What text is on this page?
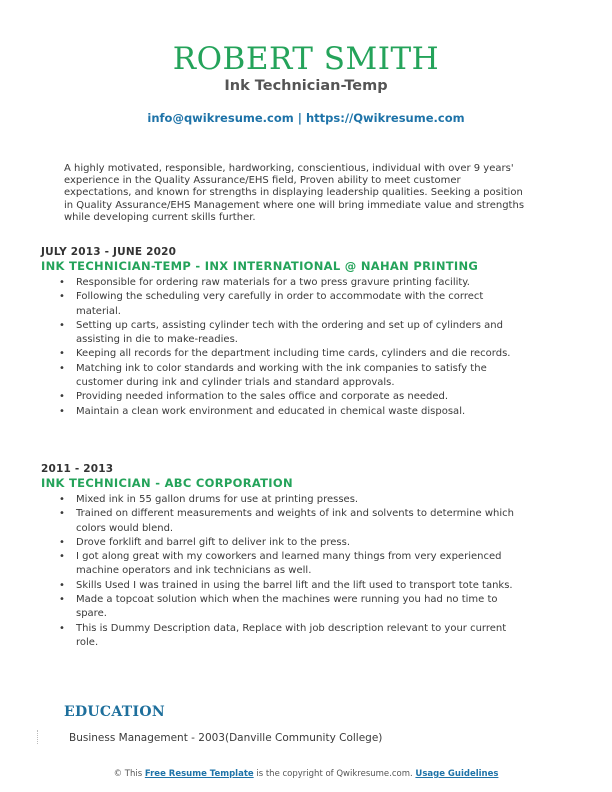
ROBERT SMITH
Ink Technician-Temp
info@qwikresume.com | https://Qwikresume.com

A highly motivated, responsible, hardworking, conscientious, individual with over 9 years' experience in the Quality Assurance/EHS field, Proven ability to meet customer expectations, and known for strengths in displaying leadership qualities. Seeking a position in Quality Assurance/EHS Management where one will bring immediate value and strengths while developing current skills further.

JULY 2013 - JUNE 2020
INK TECHNICIAN-TEMP - INX INTERNATIONAL @ NAHAN PRINTING
• Responsible for ordering raw materials for a two press gravure printing facility.
• Following the scheduling very carefully in order to accommodate with the correct material.
• Setting up carts, assisting cylinder tech with the ordering and set up of cylinders and assisting in die to make-readies.
• Keeping all records for the department including time cards, cylinders and die records.
• Matching ink to color standards and working with the ink companies to satisfy the customer during ink and cylinder trials and standard approvals.
• Providing needed information to the sales office and corporate as needed.
• Maintain a clean work environment and educated in chemical waste disposal.
2011 - 2013
INK TECHNICIAN - ABC CORPORATION
• Mixed ink in 55 gallon drums for use at printing presses.
• Trained on different measurements and weights of ink and solvents to determine which colors would blend.
• Drove forklift and barrel gift to deliver ink to the press.
• I got along great with my coworkers and learned many things from very experienced machine operators and ink technicians as well.
• Skills Used I was trained in using the barrel lift and the lift used to transport tote tanks.
• Made a topcoat solution which when the machines were running you had no time to spare.
• This is Dummy Description data, Replace with job description relevant to your current role.
EDUCATION
Business Management - 2003(Danville Community College)
© This Free Resume Template is the copyright of Qwikresume.com. Usage Guidelines
